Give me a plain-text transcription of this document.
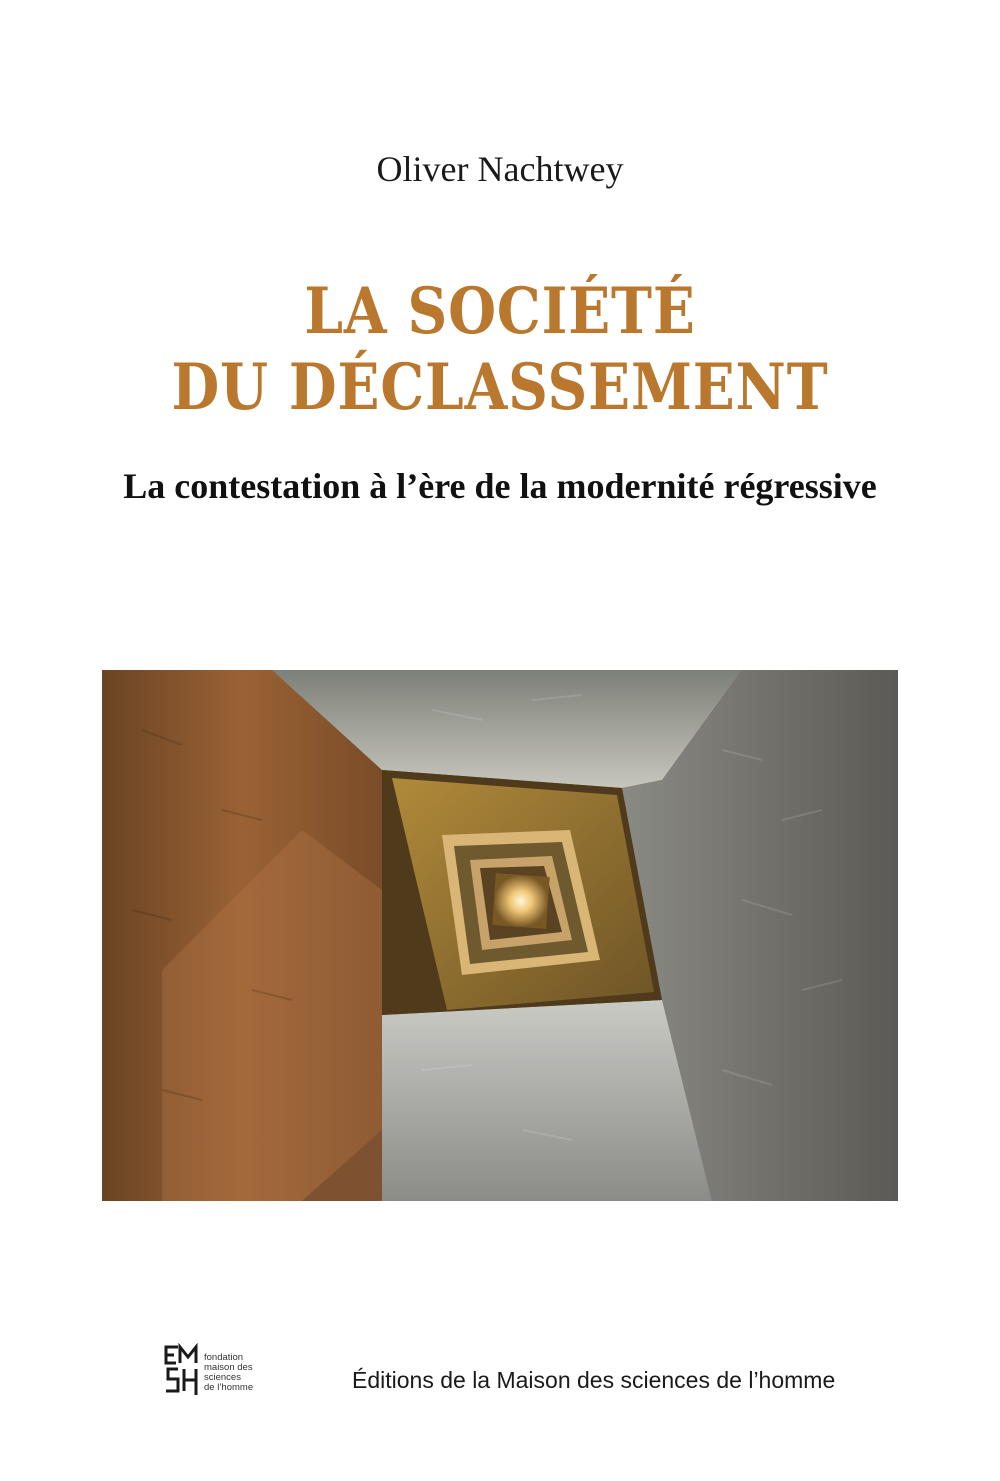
Oliver Nachtwey
LA SOCIÉTÉ
DU DÉCLASSEMENT
La contestation à l’ère de la modernité régressive
fondation
maison des
sciences
de l’homme	Éditions de la Maison des sciences de l’homme
